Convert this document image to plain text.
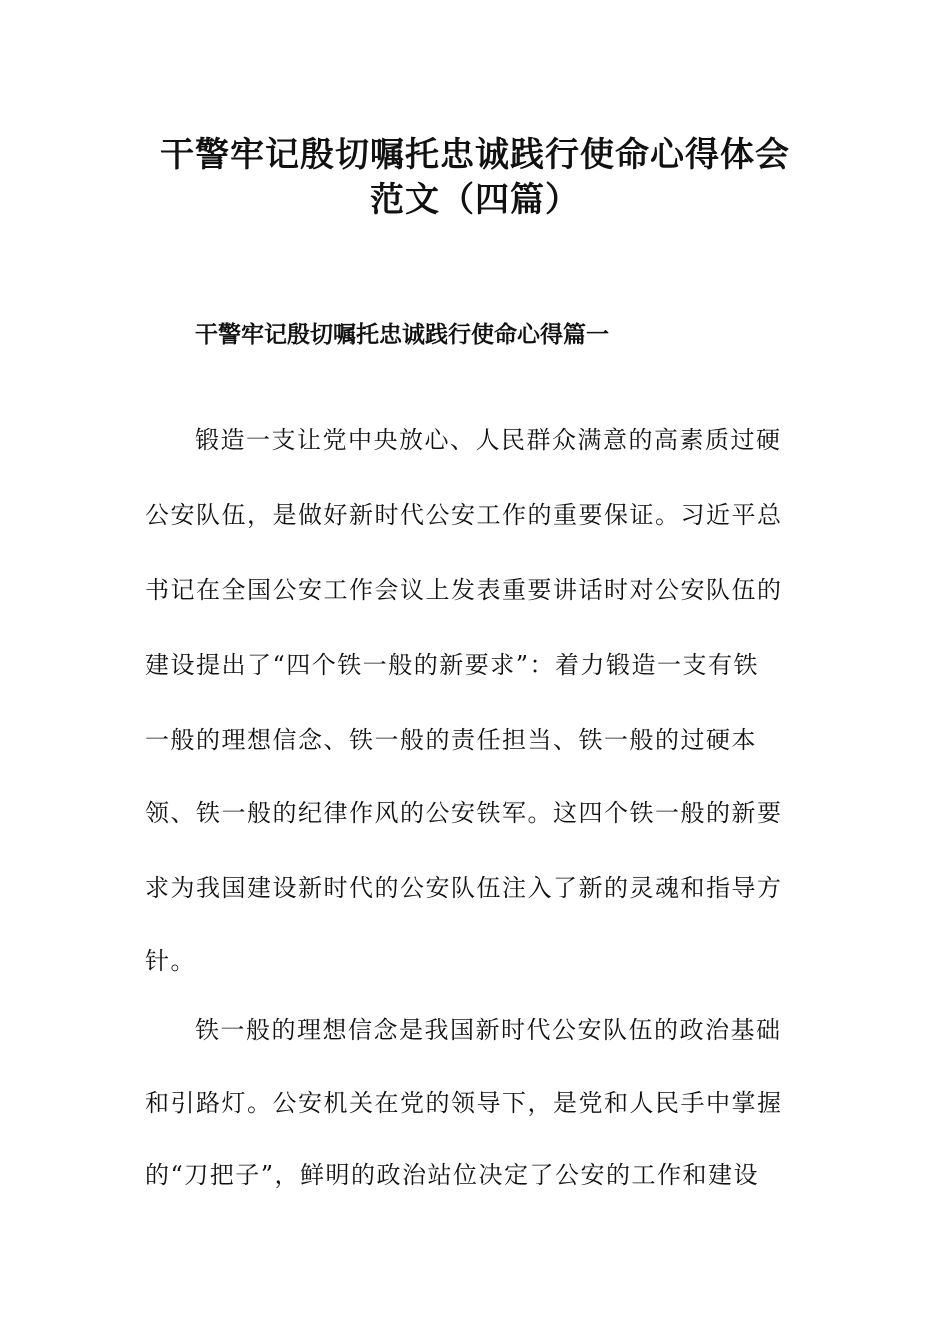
干警牢记殷切嘱托忠诚践行使命心得体会
范文（四篇）
干警牢记殷切嘱托忠诚践行使命心得篇一
锻造一支让党中央放心、人民群众满意的高素质过硬
公安队伍，是做好新时代公安工作的重要保证。习近平总
书记在全国公安工作会议上发表重要讲话时对公安队伍的
建设提出了“四个铁一般的新要求”：着力锻造一支有铁
一般的理想信念、铁一般的责任担当、铁一般的过硬本
领、铁一般的纪律作风的公安铁军。这四个铁一般的新要
求为我国建设新时代的公安队伍注入了新的灵魂和指导方
针。
铁一般的理想信念是我国新时代公安队伍的政治基础
和引路灯。公安机关在党的领导下，是党和人民手中掌握
的“刀把子”，鲜明的政治站位决定了公安的工作和建设
